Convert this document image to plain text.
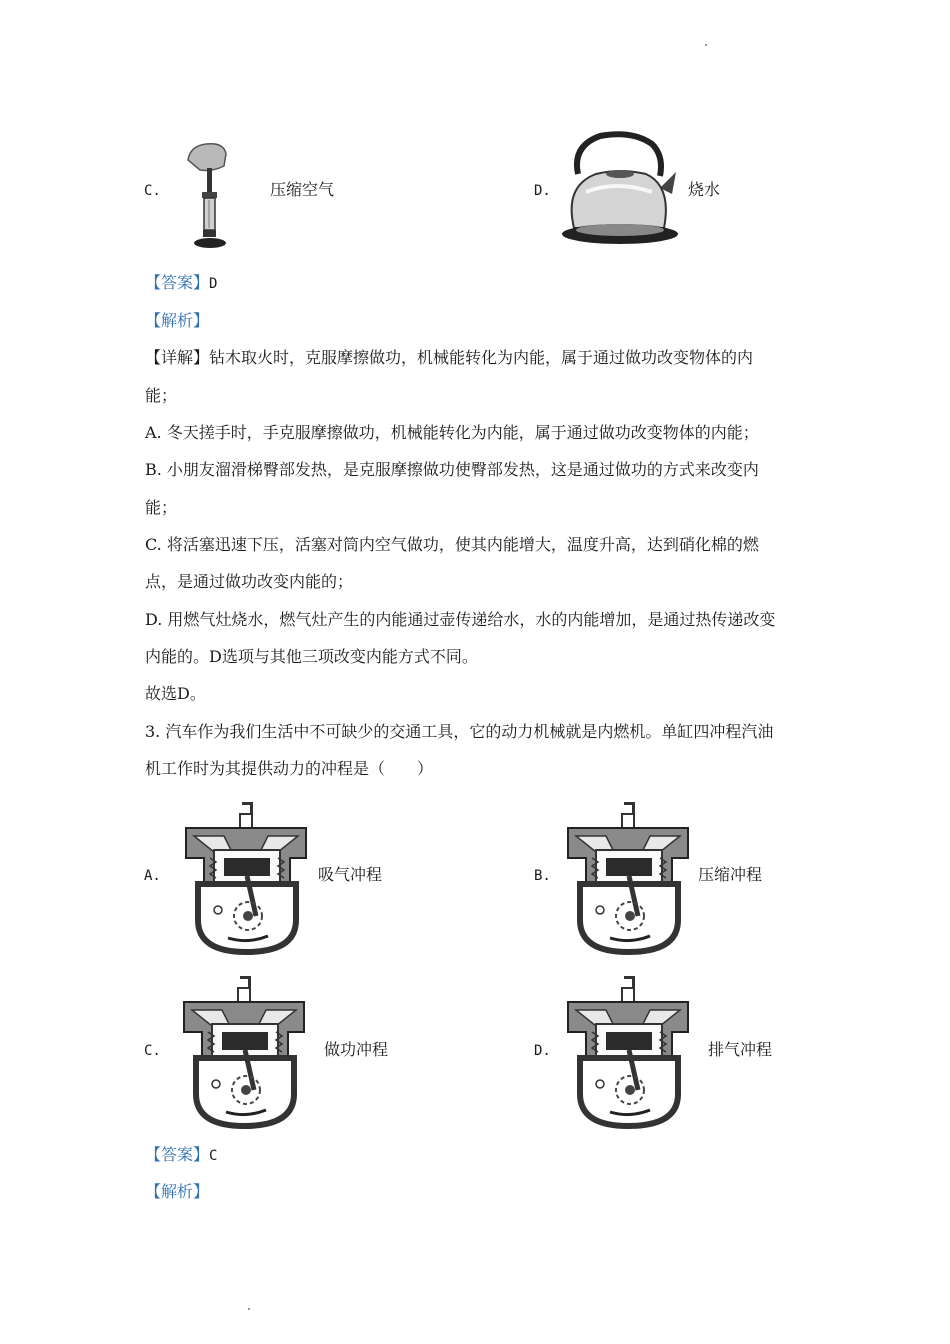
C.	压缩空气	D.	烧水
【答案】D
【解析】
【详解】钻木取火时，克服摩擦做功，机械能转化为内能，属于通过做功改变物体的内
能；
A. 冬天搓手时，手克服摩擦做功，机械能转化为内能，属于通过做功改变物体的内能；
B. 小朋友溜滑梯臀部发热，是克服摩擦做功使臀部发热，这是通过做功的方式来改变内
能；
C. 将活塞迅速下压，活塞对筒内空气做功，使其内能增大，温度升高，达到硝化棉的燃
点，是通过做功改变内能的；
D. 用燃气灶烧水，燃气灶产生的内能通过壶传递给水，水的内能增加，是通过热传递改变
内能的。D选项与其他三项改变内能方式不同。
故选D。
3. 汽车作为我们生活中不可缺少的交通工具，它的动力机械就是内燃机。单缸四冲程汽油
机工作时为其提供动力的冲程是（　　）
A.	吸气冲程	B.	压缩冲程
C.	做功冲程	D.	排气冲程
【答案】C
【解析】
